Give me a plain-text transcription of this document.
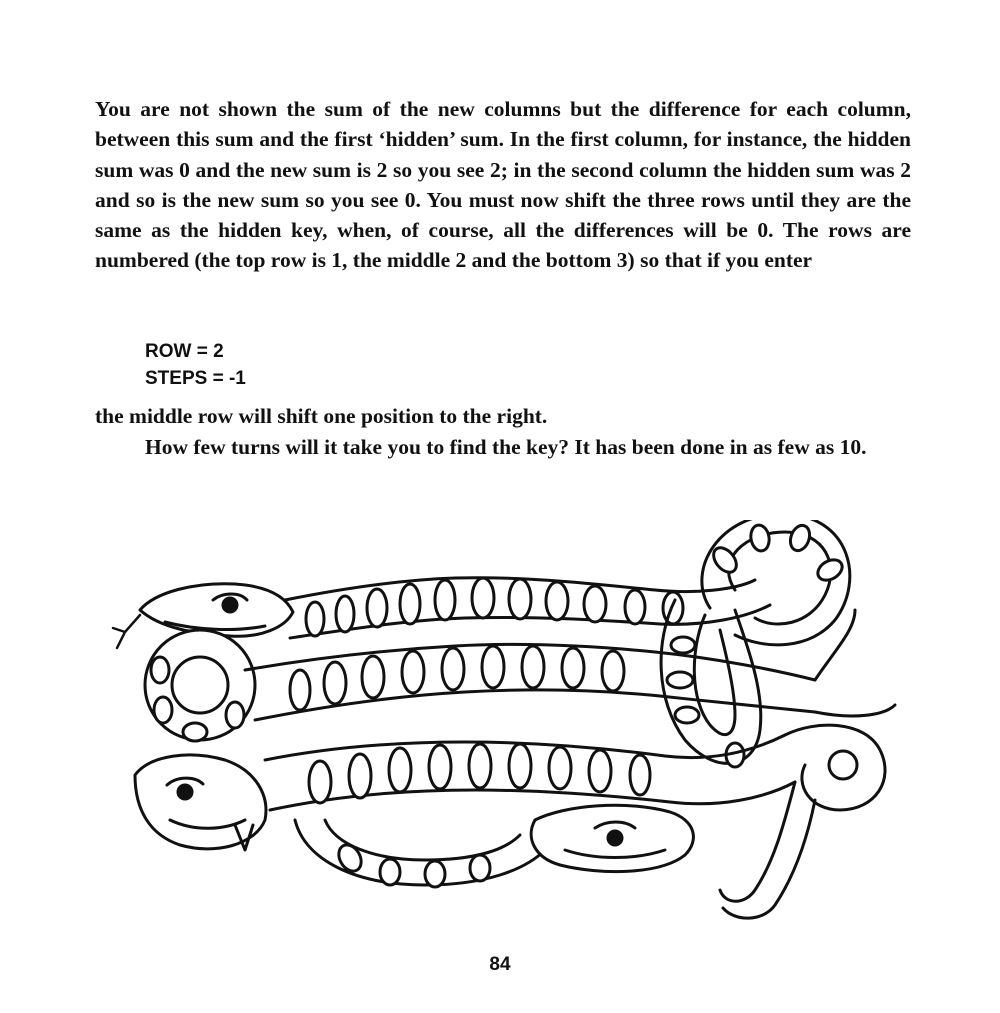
You are not shown the sum of the new columns but the difference for each column, between this sum and the first ‘hidden’ sum. In the first column, for instance, the hidden sum was 0 and the new sum is 2 so you see 2; in the second column the hidden sum was 2 and so is the new sum so you see 0. You must now shift the three rows until they are the same as the hidden key, when, of course, all the differences will be 0. The rows are numbered (the top row is 1, the middle 2 and the bottom 3) so that if you enter

ROW = 2
STEPS = -1

the middle row will shift one position to the right.

How few turns will it take you to find the key? It has been done in as few as 10.

84
